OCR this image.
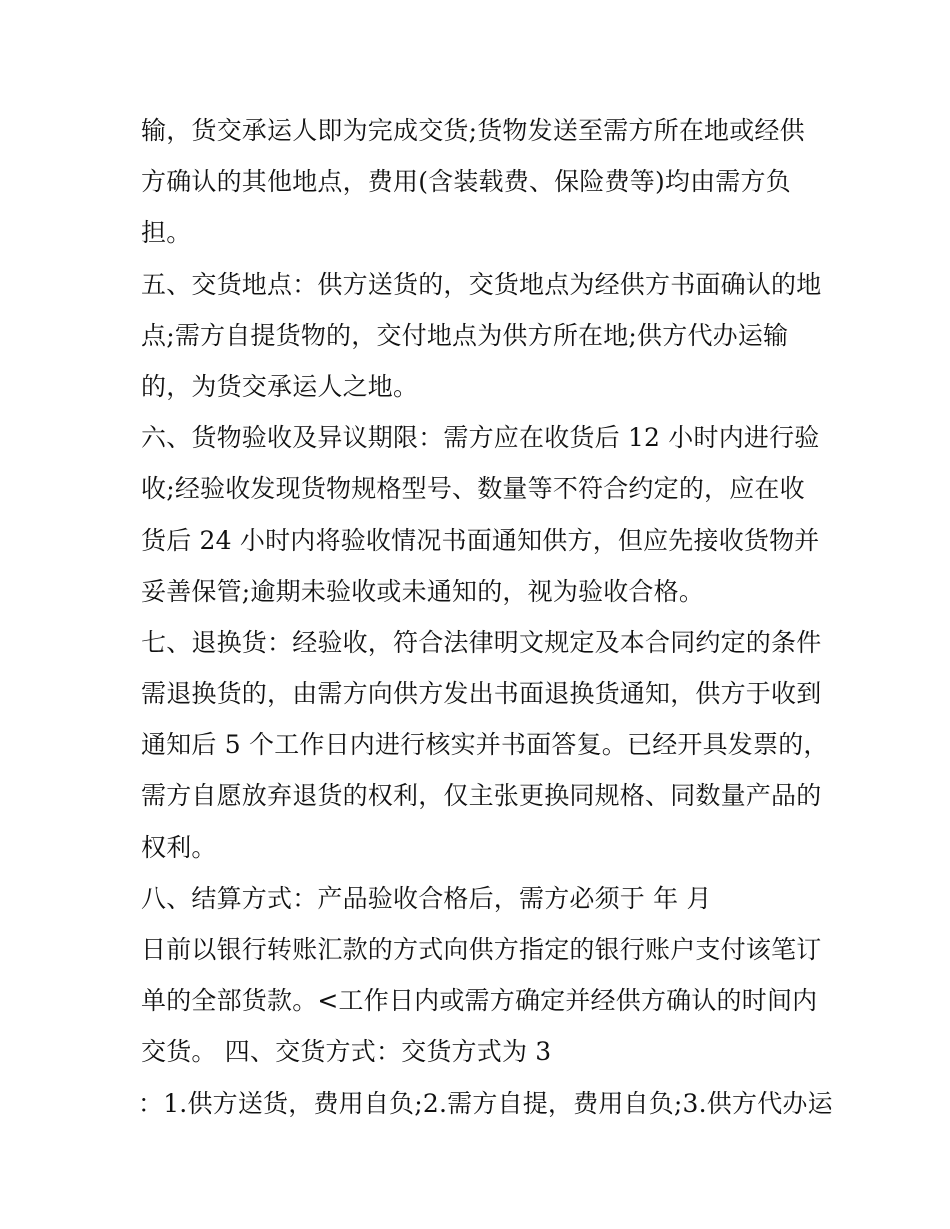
输，货交承运人即为完成交货;货物发送至需方所在地或经供
方确认的其他地点，费用(含装载费、保险费等)均由需方负
担。
五、交货地点：供方送货的，交货地点为经供方书面确认的地
点;需方自提货物的，交付地点为供方所在地;供方代办运输
的，为货交承运人之地。
六、货物验收及异议期限：需方应在收货后 12 小时内进行验
收;经验收发现货物规格型号、数量等不符合约定的，应在收
货后 24 小时内将验收情况书面通知供方，但应先接收货物并
妥善保管;逾期未验收或未通知的，视为验收合格。
七、退换货：经验收，符合法律明文规定及本合同约定的条件
需退换货的，由需方向供方发出书面退换货通知，供方于收到
通知后 5 个工作日内进行核实并书面答复。已经开具发票的，
需方自愿放弃退货的权利，仅主张更换同规格、同数量产品的
权利。
八、结算方式：产品验收合格后，需方必须于 年 月
日前以银行转账汇款的方式向供方指定的银行账户支付该笔订
单的全部货款。<工作日内或需方确定并经供方确认的时间内
交货。 四、交货方式：交货方式为 3
：1.供方送货，费用自负;2.需方自提，费用自负;3.供方代办运
